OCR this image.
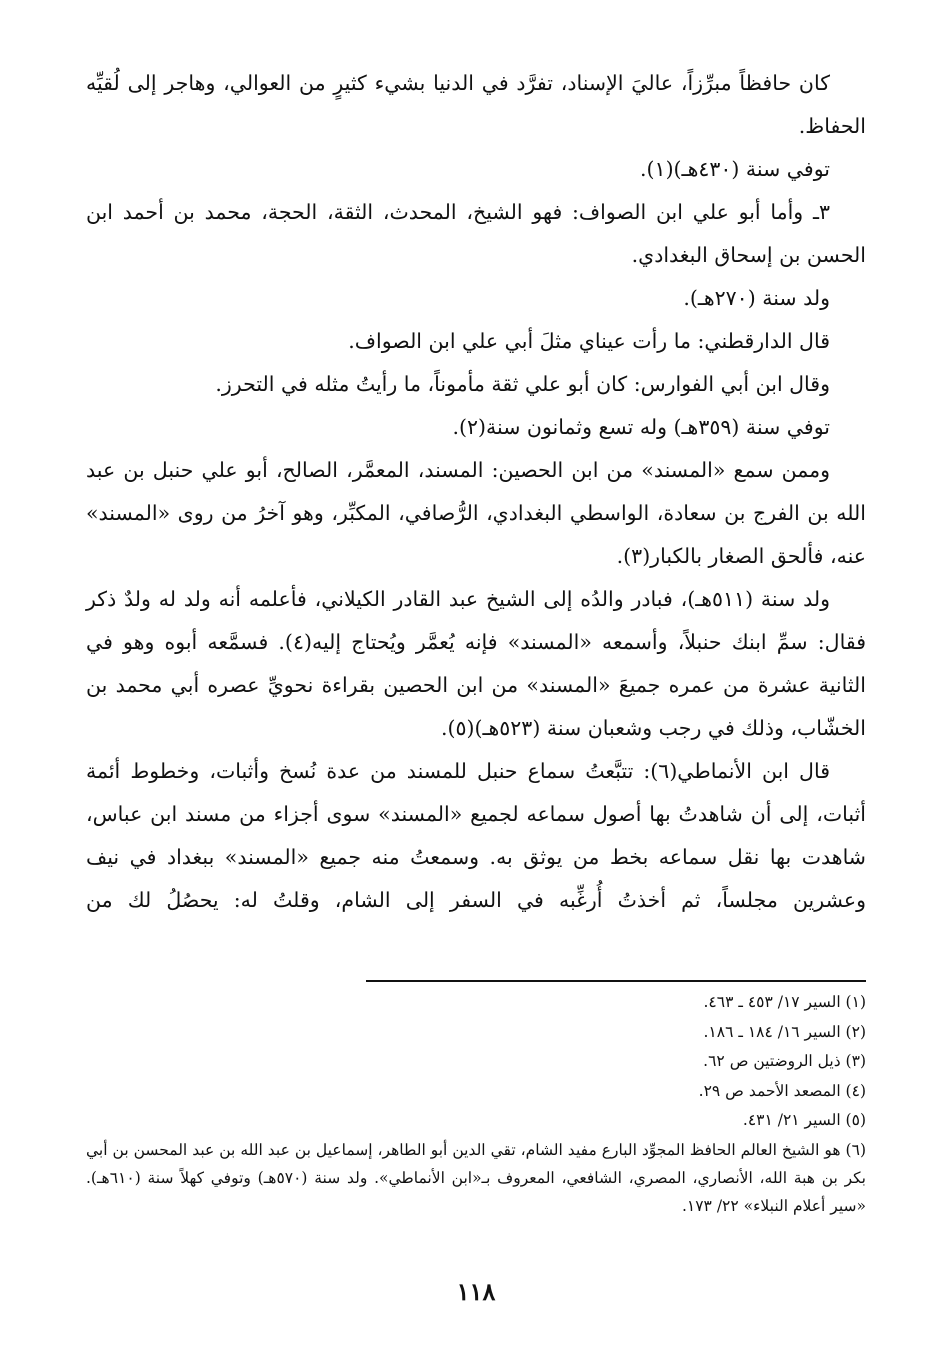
كان حافظاً مبرِّزاً، عاليَ الإسناد، تفرَّد في الدنيا بشيء كثيرٍ من العوالي، وهاجر إلى لُقيِّه الحفاظ.

توفي سنة (٤٣٠هـ)(١).

٣ـ وأما أبو علي ابن الصواف: فهو الشيخ، المحدث، الثقة، الحجة، محمد بن أحمد ابن الحسن بن إسحاق البغدادي.

ولد سنة (٢٧٠هـ).

قال الدارقطني: ما رأت عيناي مثلَ أبي علي ابن الصواف.

وقال ابن أبي الفوارس: كان أبو علي ثقة مأموناً، ما رأيتُ مثله في التحرز.

توفي سنة (٣٥٩هـ) وله تسع وثمانون سنة(٢).

وممن سمع «المسند» من ابن الحصين: المسند، المعمَّر، الصالح، أبو علي حنبل بن عبد الله بن الفرج بن سعادة، الواسطي البغدادي، الرُّصافي، المكبِّر، وهو آخرُ من روى «المسند» عنه، فألحق الصغار بالكبار(٣).

ولد سنة (٥١١هـ)، فبادر والدُه إلى الشيخ عبد القادر الكيلاني، فأعلمه أنه ولد له ولدٌ ذكر فقال: سمِّ ابنك حنبلاً، وأسمعه «المسند» فإنه يُعمَّر ويُحتاج إليه(٤). فسمَّعه أبوه وهو في الثانية عشرة من عمره جميعَ «المسند» من ابن الحصين بقراءة نحويِّ عصره أبي محمد بن الخشّاب، وذلك في رجب وشعبان سنة (٥٢٣هـ)(٥).

قال ابن الأنماطي(٦): تتبَّعتُ سماع حنبل للمسند من عدة نُسخ وأثبات، وخطوط أئمة أثبات، إلى أن شاهدتُ بها أصول سماعه لجميع «المسند» سوى أجزاء من مسند ابن عباس، شاهدت بها نقل سماعه بخط من يوثق به. وسمعتُ منه جميع «المسند» ببغداد في نيف وعشرين مجلساً، ثم أخذتُ أُرغِّبه في السفر إلى الشام، وقلتُ له: يحصُلُ لك من

(١) السير ١٧/ ٤٥٣ ـ ٤٦٣.

(٢) السير ١٦/ ١٨٤ ـ ١٨٦.

(٣) ذيل الروضتين ص ٦٢.

(٤) المصعد الأحمد ص ٢٩.

(٥) السير ٢١/ ٤٣١.

(٦) هو الشيخ العالم الحافظ المجوِّد البارع مفيد الشام، تقي الدين أبو الطاهر، إسماعيل بن عبد الله بن عبد المحسن بن أبي بكر بن هبة الله، الأنصاري، المصري، الشافعي، المعروف بـ«ابن الأنماطي». ولد سنة (٥٧٠هـ) وتوفي كهلاً سنة (٦١٠هـ). «سير أعلام النبلاء» ٢٢/ ١٧٣.

١١٨
